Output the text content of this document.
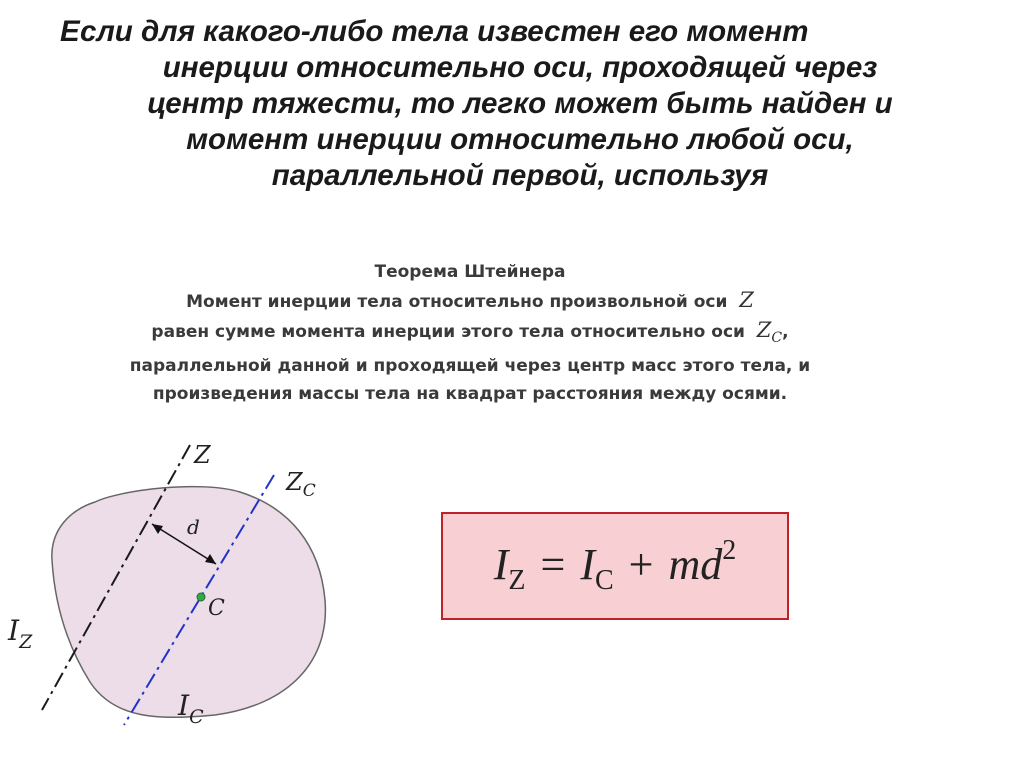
Если для какого-либо тела известен его момент
инерции относительно оси, проходящей через
центр тяжести, то легко может быть найден и
момент инерции относительно любой оси,
параллельной первой, используя
Теорема Штейнера
Момент инерции тела относительно произвольной оси Z
равен сумме момента инерции этого тела относительно оси $Z_C$,
параллельной данной и проходящей через центр масс этого тела, и
произведения массы тела на квадрат расстояния между осями.
Z
$Z_C$
d
C
$I_Z$
$I_C$
$I_Z = I_C + md^2$
